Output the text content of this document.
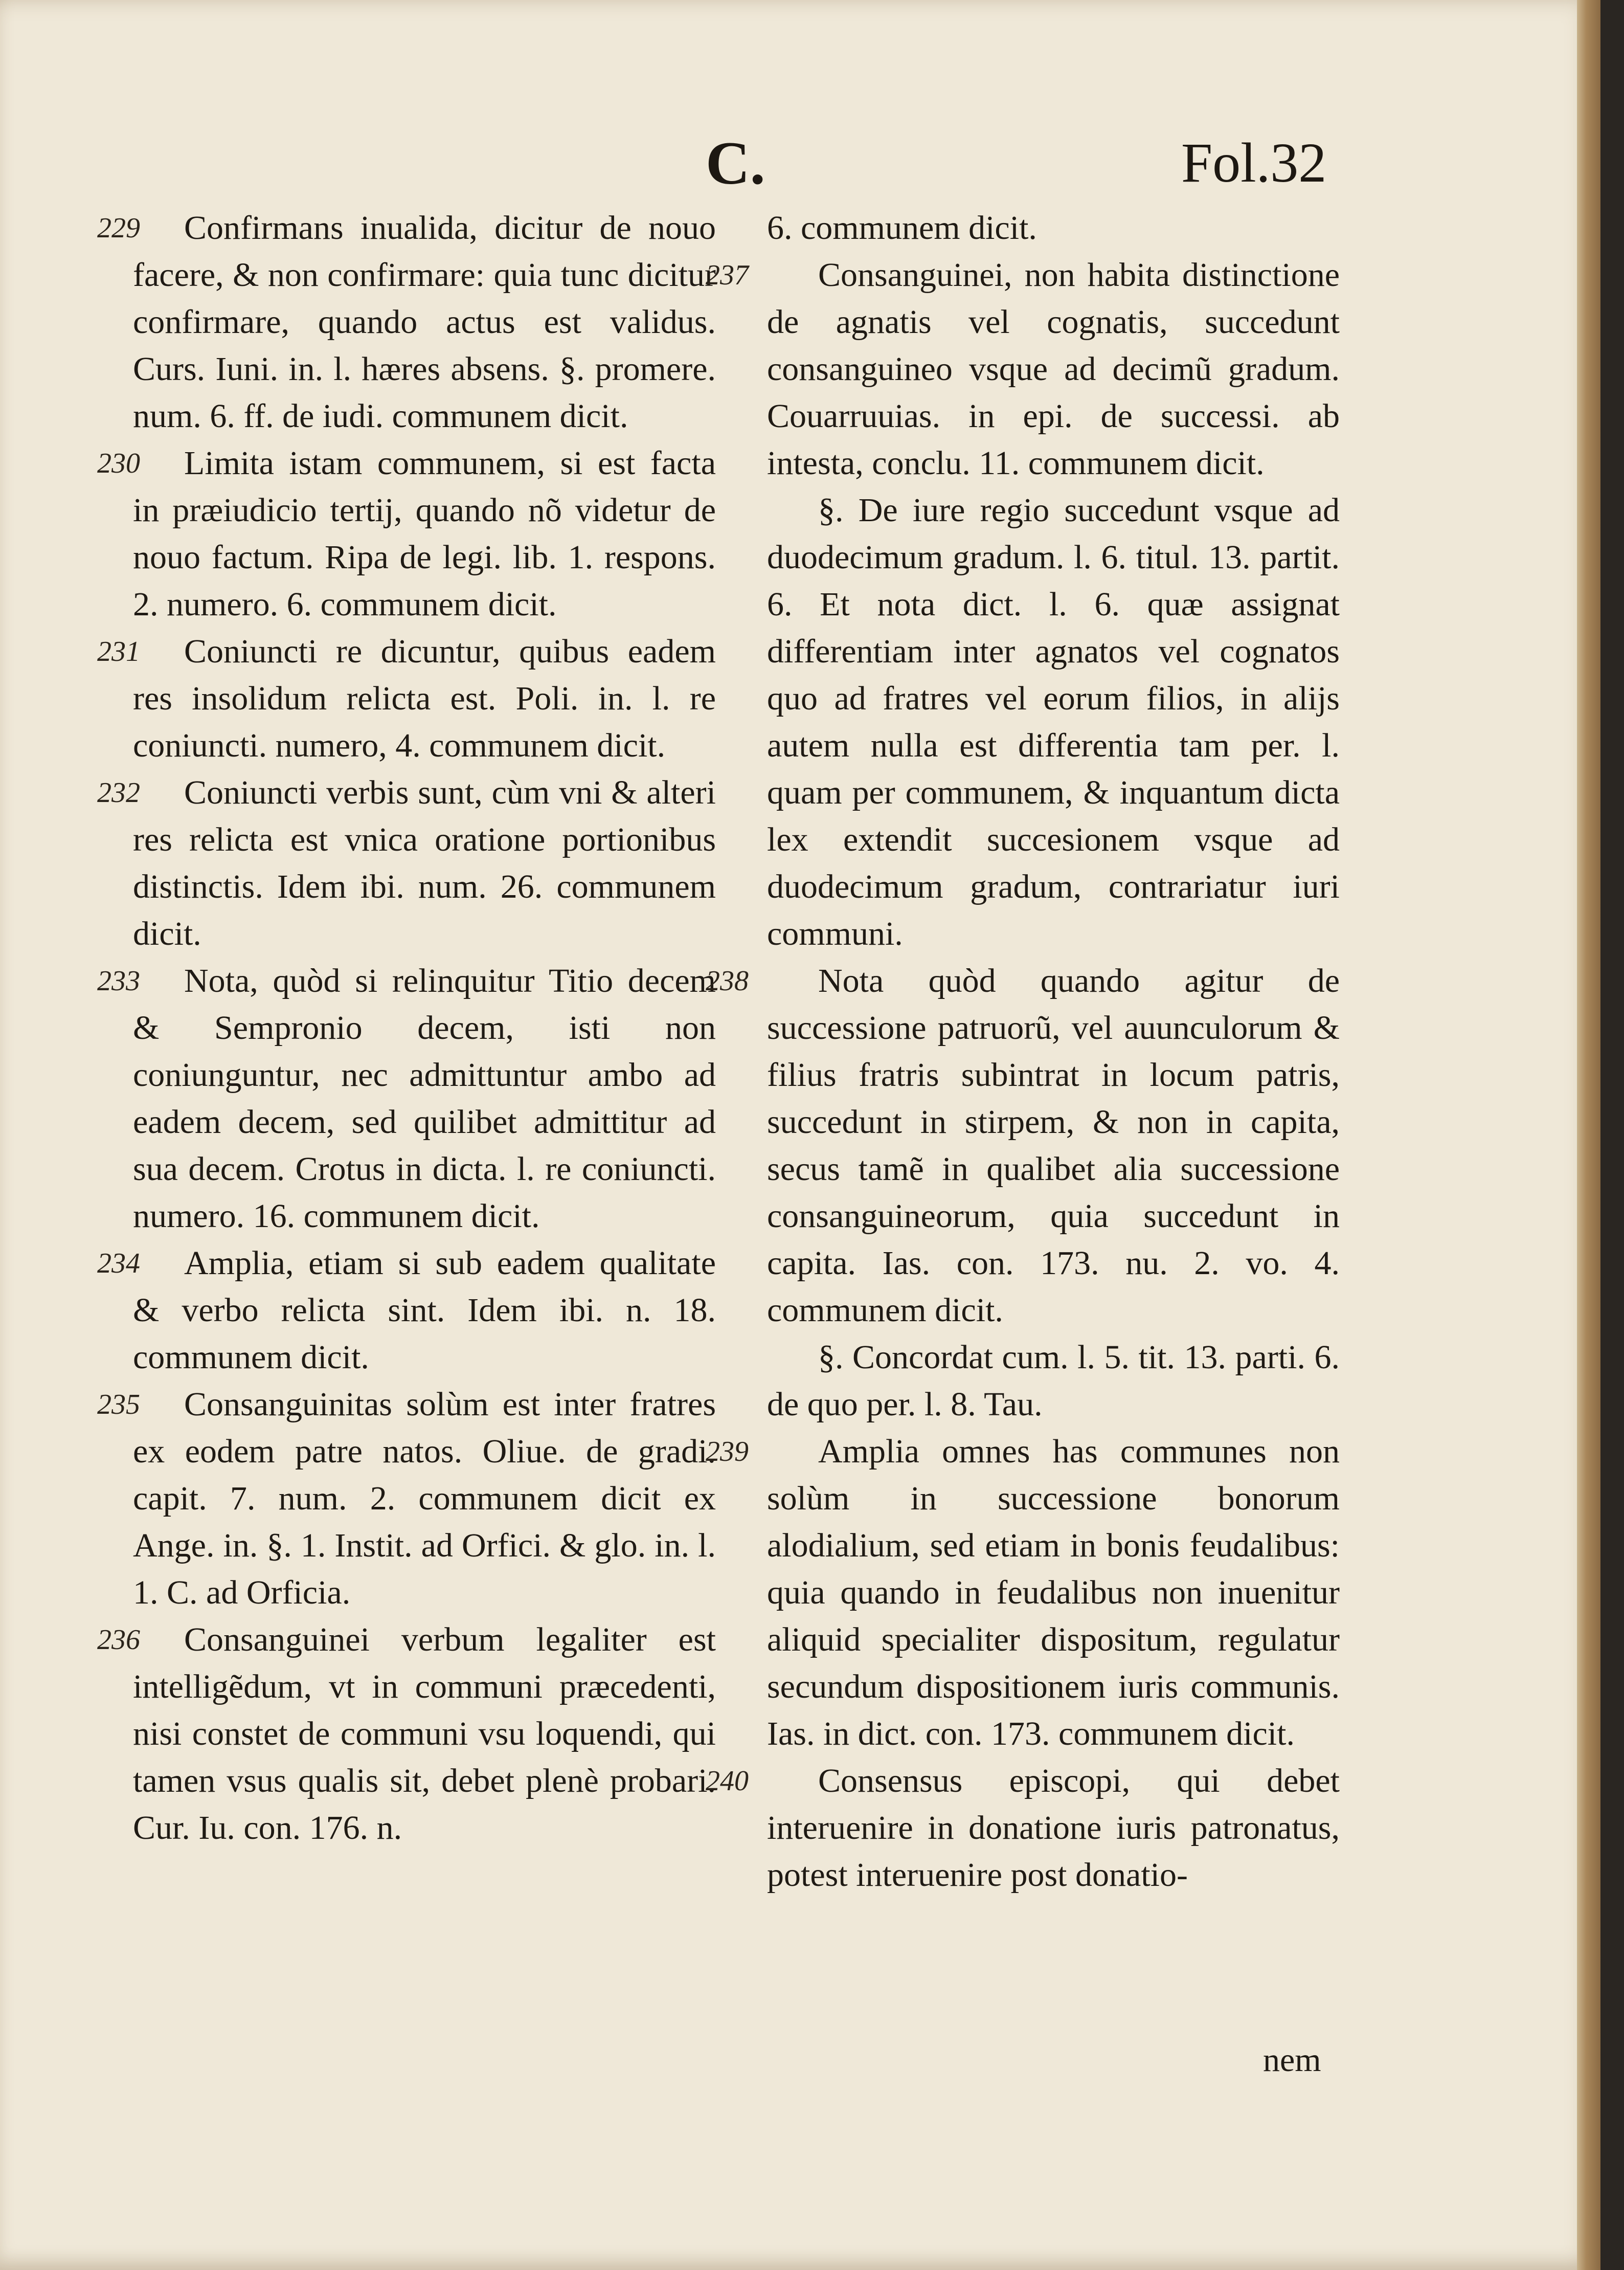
C.	Fol.32
229	Confirmans inualida, dicitur de nouo facere, & non confirmare: quia tunc dicitur confirmare, quando actus est validus. Curs. Iuni. in. l. hæres absens. §. promere. num. 6. ff. de iudi. communem dicit.
230	Limita istam communem, si est facta in præiudicio tertij, quando nõ videtur de nouo factum. Ripa de legi. lib. 1. respons. 2. numero. 6. communem dicit.
231	Coniuncti re dicuntur, quibus eadem res insolidum relicta est. Poli. in. l. re coniuncti. numero, 4. communem dicit.
232	Coniuncti verbis sunt, cùm vni & alteri res relicta est vnica oratione portionibus distinctis. Idem ibi. num. 26. communem dicit.
233	Nota, quòd si relinquitur Titio decem & Sempronio decem, isti non coniunguntur, nec admittuntur ambo ad eadem decem, sed quilibet admittitur ad sua decem. Crotus in dicta. l. re coniuncti. numero. 16. communem dicit.
234	Amplia, etiam si sub eadem qualitate & verbo relicta sint. Idem ibi. n. 18. communem dicit.
235	Consanguinitas solùm est inter fratres ex eodem patre natos. Oliue. de gradi. capit. 7. num. 2. communem dicit ex Ange. in. §. 1. Instit. ad Orfici. & glo. in. l. 1. C. ad Orficia.
236	Consanguinei verbum legaliter est intelligẽdum, vt in communi præcedenti, nisi constet de communi vsu loquendi, qui tamen vsus qualis sit, debet plenè probari. Cur. Iu. con. 176. n.
6. communem dicit.
237	Consanguinei, non habita distinctione de agnatis vel cognatis, succedunt consanguineo vsque ad decimũ gradum. Couarruuias. in epi. de successi. ab intesta, conclu. 11. communem dicit.
§. De iure regio succedunt vsque ad duodecimum gradum. l. 6. titul. 13. partit. 6. Et nota dict. l. 6. quæ assignat differentiam inter agnatos vel cognatos quo ad fratres vel eorum filios, in alijs autem nulla est differentia tam per. l. quam per communem, & inquantum dicta lex extendit succesionem vsque ad duodecimum gradum, contrariatur iuri communi.
238	Nota quòd quando agitur de successione patruorũ, vel auunculorum & filius fratris subintrat in locum patris, succedunt in stirpem, & non in capita, secus tamẽ in qualibet alia successione consanguineorum, quia succedunt in capita. Ias. con. 173. nu. 2. vo. 4. communem dicit.
§. Concordat cum. l. 5. tit. 13. parti. 6. de quo per. l. 8. Tau.
239	Amplia omnes has communes non solùm in successione bonorum alodialium, sed etiam in bonis feudalibus: quia quando in feudalibus non inuenitur aliquid specialiter dispositum, regulatur secundum dispositionem iuris communis. Ias. in dict. con. 173. communem dicit.
240	Consensus episcopi, qui debet interuenire in donatione iuris patronatus, potest interuenire post donatio-
nem
